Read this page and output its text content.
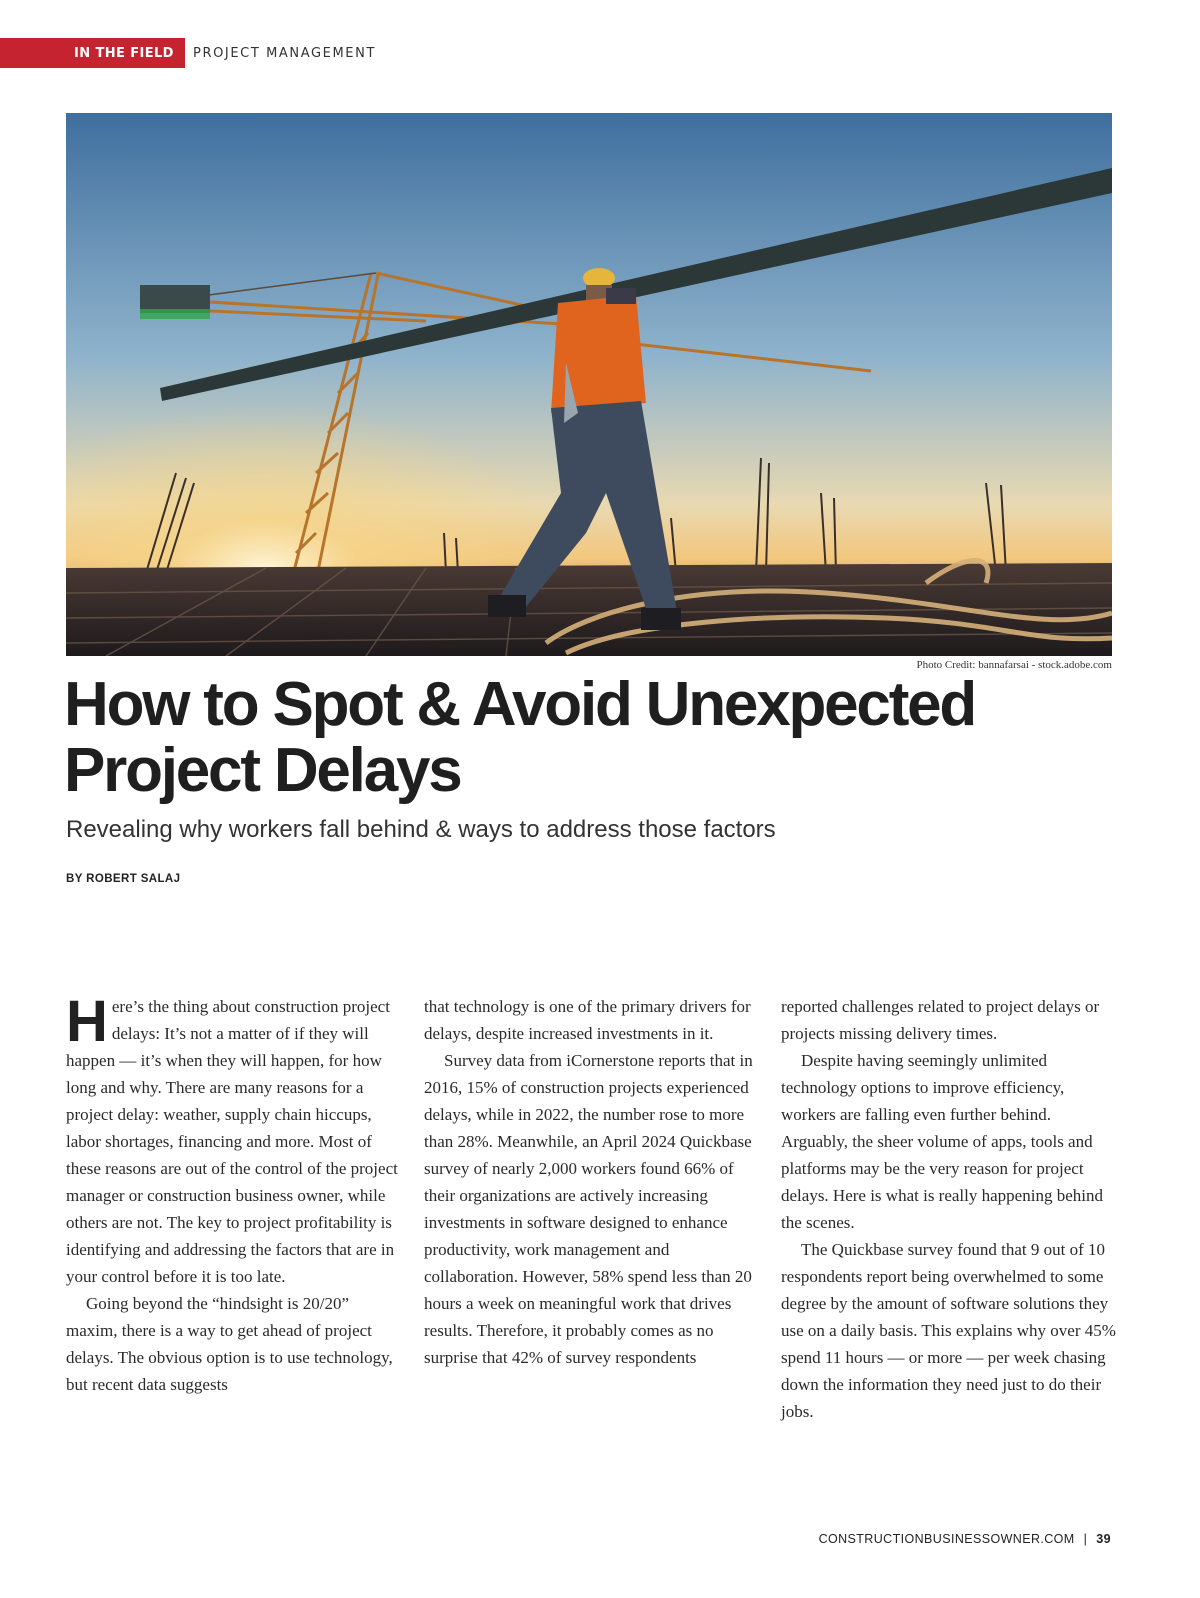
IN THE FIELD	PROJECT MANAGEMENT
Photo Credit: bannafarsai - stock.adobe.com
How to Spot & Avoid Unexpected
Project Delays
Revealing why workers fall behind & ways to address those factors
BY ROBERT SALAJ

Here’s the thing about construction project delays: It’s not a matter of if they will happen — it’s when they will happen, for how long and why. There are many reasons for a project delay: weather, supply chain hiccups, labor shortages, financing and more. Most of these reasons are out of the control of the project manager or construction business owner, while others are not. The key to project profitability is identifying and addressing the factors that are in your control before it is too late.

Going beyond the “hindsight is 20/20” maxim, there is a way to get ahead of project delays. The obvious option is to use technology, but recent data suggests

that technology is one of the primary drivers for delays, despite increased investments in it.

Survey data from iCornerstone reports that in 2016, 15% of construction projects experienced delays, while in 2022, the number rose to more than 28%. Meanwhile, an April 2024 Quickbase survey of nearly 2,000 workers found 66% of their organizations are actively increasing investments in software designed to enhance productivity, work management and collaboration. However, 58% spend less than 20 hours a week on meaningful work that drives results. Therefore, it probably comes as no surprise that 42% of survey respondents

reported challenges related to project delays or projects missing delivery times.

Despite having seemingly unlimited technology options to improve efficiency, workers are falling even further behind. Arguably, the sheer volume of apps, tools and platforms may be the very reason for project delays. Here is what is really happening behind the scenes.

The Quickbase survey found that 9 out of 10 respondents report being overwhelmed to some degree by the amount of software solutions they use on a daily basis. This explains why over 45% spend 11 hours — or more — per week chasing down the information they need just to do their jobs.

CONSTRUCTIONBUSINESSOWNER.COM | 39
